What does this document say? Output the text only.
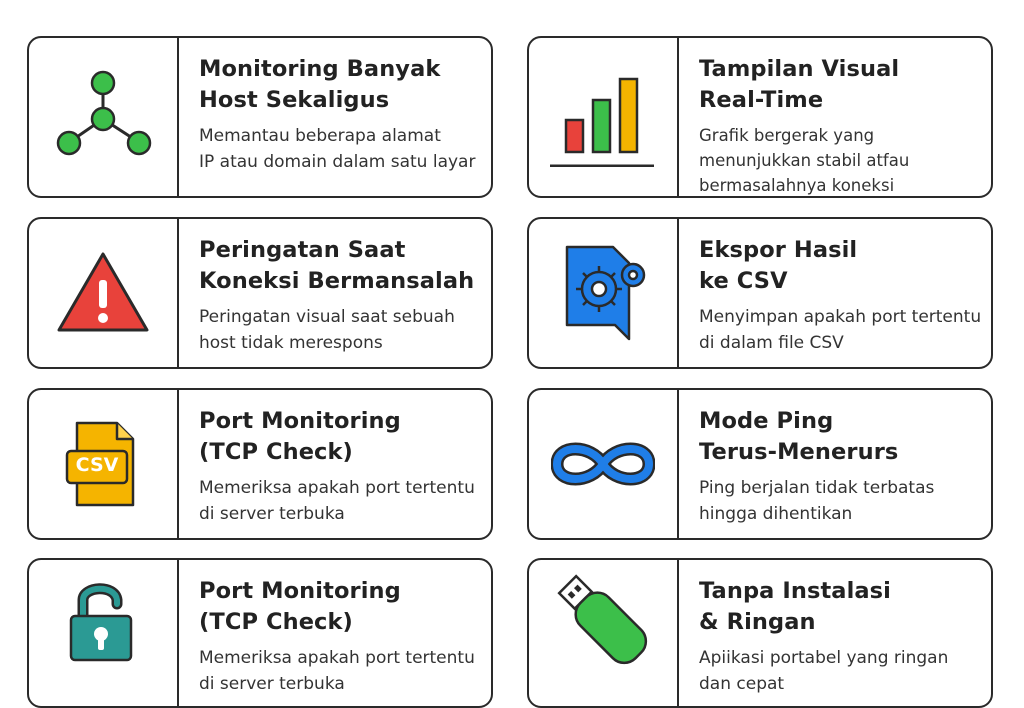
Monitoring Banyak
Host Sekaligus
Memantau beberapa alamat
IP atau domain dalam satu layar
Tampilan Visual
Real-Time
Grafik bergerak yang
menunjukkan stabil atfau
bermasalahnya koneksi
Peringatan Saat
Koneksi Bermansalah
Peringatan visual saat sebuah
host tidak merespons
Ekspor Hasil
ke CSV
Menyimpan apakah port tertentu
di dalam file CSV
CSV
Port Monitoring
(TCP Check)
Memeriksa apakah port tertentu
di server terbuka
Mode Ping
Terus-Menerurs
Ping berjalan tidak terbatas
hingga dihentikan
Port Monitoring
(TCP Check)
Memeriksa apakah port tertentu
di server terbuka
Tanpa Instalasi
& Ringan
Apiikasi portabel yang ringan
dan cepat
